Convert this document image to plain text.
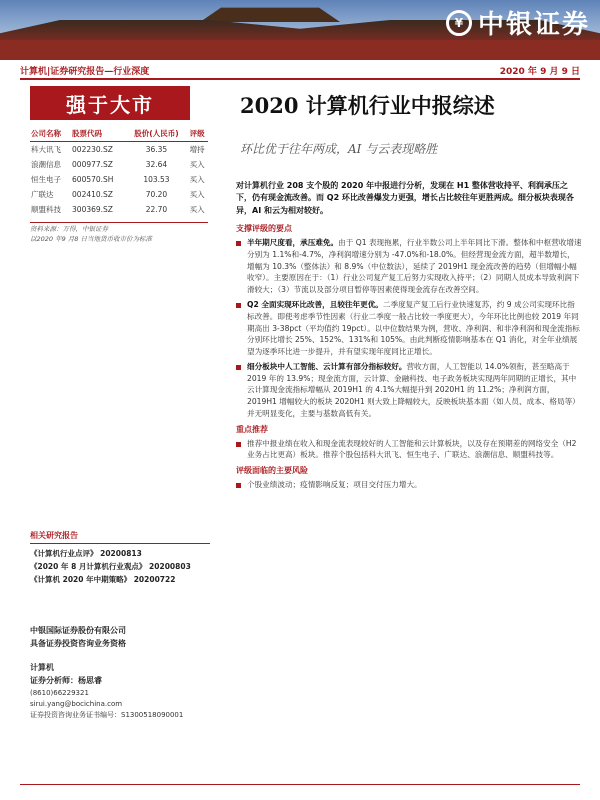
¥ 中银证券
计算机|证券研究报告—行业深度	2020 年 9 月 9 日
强于大市	2020 计算机行业中报综述
环比优于往年两成，AI 与云表现略胜
公司名称	股票代码	股价(人民币)	评级
科大讯飞	002230.SZ	36.35	增持
浪潮信息	000977.SZ	32.64	买入
恒生电子	600570.SH	103.53	买入
广联达	002410.SZ	70.20	买入
顺盟科技	300369.SZ	22.70	买入
资料来源：万得，中银证券
以2020 年9 月8 日当地货币收市价为标准
对计算机行业 208 支个股的 2020 年中报进行分析，发现在 H1 整体营收持平、利润承压之下，仍有现金流改善。而 Q2 环比改善爆发力更强，增长占比较往年更胜两成。细分板块表现各异，AI 和云为相对较好。
支撑评级的要点
半年期尺度看，承压难免。由于 Q1 表现拖累，行业半数公司上半年同比下滑。整体和中枢营收增速分别为 1.1%和-4.7%，净利润增速分别为 -47.0%和-18.0%。但经营现金流方面，超半数增长，增幅为 10.3%（整体法）和 8.9%（中位数法），延续了 2019H1 现金流改善的趋势（但增幅小幅收窄）。主要原因在于：（1）行业公司复产复工后努力实现收入持平；（2）同期人员成本导致利润下滑较大；（3）节流以及部分项目暂停等因素使得现金流存在改善空间。
Q2 全面实现环比改善，且较往年更优。二季度复产复工后行业快速复苏，约 9 成公司实现环比指标改善。即使考虑季节性因素（行业二季度一般占比较一季度更大），今年环比比例也较 2019 年同期高出 3-38pct（平均值约 19pct）。以中位数结果为例，营收、净利润、和非净利润和现金流指标分别环比增长 25%、152%、131%和 105%。由此判断疫情影响基本在 Q1 消化，对全年业绩展望为逐季环比进一步提升，并有望实现年度同比正增长。
细分板块中人工智能、云计算有部分指标较好。营收方面，人工智能以 14.0%领衔，甚至略高于 2019 年的 13.9%；现金流方面，云计算、金融科技、电子政务板块实现两年同期的正增长，其中云计算现金流指标增幅从 2019H1 的 4.1%大幅提升到 2020H1 的 11.2%；净利润方面，2019H1 增幅较大的板块 2020H1 则大致上降幅较大，反映板块基本面（如人员、成本、格局等）并无明显变化，主要与基数高低有关。
重点推荐
推荐中报业绩在收入和现金流表现较好的人工智能和云计算板块，以及存在预期差的网络安全（H2 业务占比更高）板块。推荐个股包括科大讯飞、恒生电子、广联达、浪潮信息、顺盟科技等。
评级面临的主要风险
个股业绩波动；疫情影响反复；项目交付压力增大。
相关研究报告
《计算机行业点评》 20200813
《2020 年 8 月计算机行业观点》 20200803
《计算机 2020 年中期策略》 20200722
中银国际证券股份有限公司
具备证券投资咨询业务资格
计算机
证券分析师：杨思睿
(8610)66229321
sirui.yang@bocichina.com
证券投资咨询业务证书编号：S1300518090001
